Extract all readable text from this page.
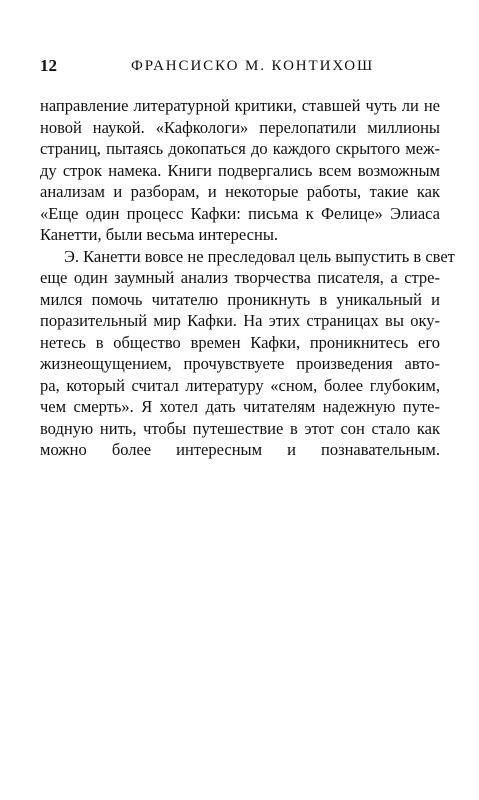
12	ФРАНСИСКО М. КОНТИХОШ
направление литературной критики, ставшей чуть ли не
новой наукой. «Кафкологи» перелопатили миллионы
страниц, пытаясь докопаться до каждого скрытого меж-
ду строк намека. Книги подвергались всем возможным
анализам и разборам, и некоторые работы, такие как
«Еще один процесс Кафки: письма к Фелице» Элиаса
Канетти, были весьма интересны.
Э. Канетти вовсе не преследовал цель выпустить в свет
еще один заумный анализ творчества писателя, а стре-
мился помочь читателю проникнуть в уникальный и
поразительный мир Кафки. На этих страницах вы оку-
нетесь в общество времен Кафки, проникнитесь его
жизнеощущением, прочувствуете произведения авто-
ра, который считал литературу «сном, более глубоким,
чем смерть». Я хотел дать читателям надежную путе-
водную нить, чтобы путешествие в этот сон стало как
можно более интересным и познавательным.
